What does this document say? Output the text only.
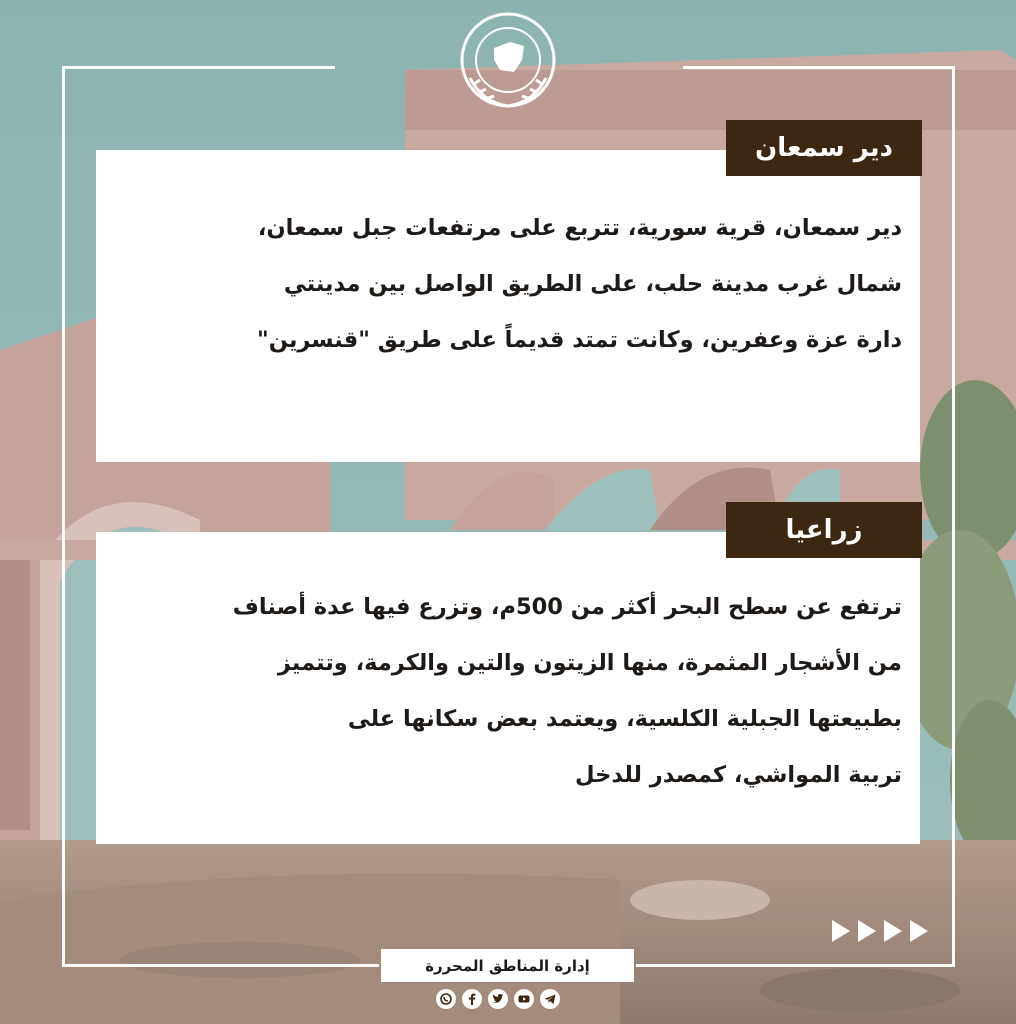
دير سمعان، قرية سورية، تتربع على مرتفعات جبل سمعان،
شمال غرب مدينة حلب، على الطريق الواصل بين مدينتي
دارة عزة وعفرين، وكانت تمتد قديماً على طريق "قنسرين"
دير سمعان
ترتفع عن سطح البحر أكثر من 500م، وتزرع فيها عدة أصناف
من الأشجار المثمرة، منها الزيتون والتين والكرمة، وتتميز
بطبيعتها الجبلية الكلسية، ويعتمد بعض سكانها على
تربية المواشي، كمصدر للدخل
زراعيا
إدارة المناطق المحررة
